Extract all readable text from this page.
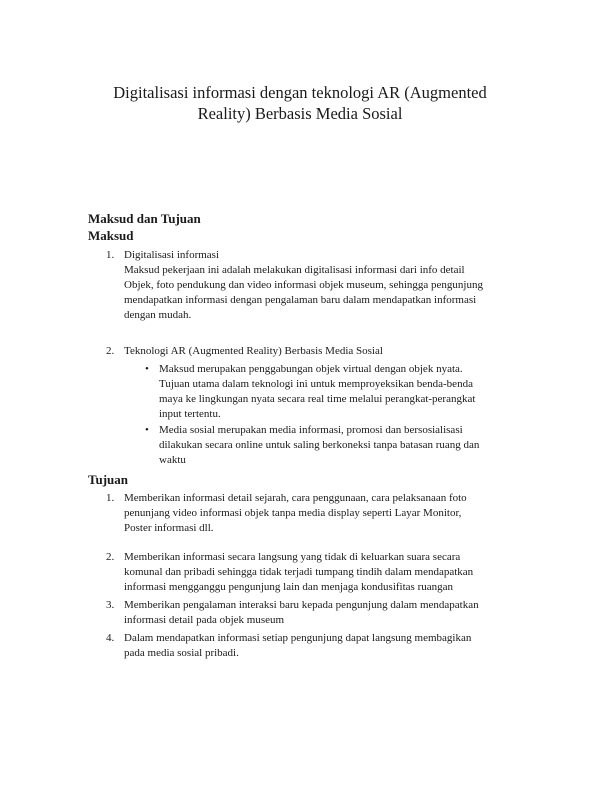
Digitalisasi informasi dengan teknologi AR (Augmented
Reality) Berbasis Media Sosial
Maksud dan Tujuan
Maksud
1. Digitalisasi informasi

Maksud pekerjaan ini adalah melakukan digitalisasi informasi dari info detail

Objek, foto pendukung dan video informasi objek museum, sehingga pengunjung

mendapatkan informasi dengan pengalaman baru dalam mendapatkan informasi

dengan mudah.

2. Teknologi AR (Augmented Reality) Berbasis Media Sosial

• Maksud merupakan penggabungan objek virtual dengan objek nyata.

Tujuan utama dalam teknologi ini untuk memproyeksikan benda-benda

maya ke lingkungan nyata secara real time melalui perangkat-perangkat

input tertentu.

• Media sosial merupakan media informasi, promosi dan bersosialisasi

dilakukan secara online untuk saling berkoneksi tanpa batasan ruang dan

waktu

Tujuan
1. Memberikan informasi detail sejarah, cara penggunaan, cara pelaksanaan foto

penunjang video informasi objek tanpa media display seperti Layar Monitor,

Poster informasi dll.

2. Memberikan informasi secara langsung yang tidak di keluarkan suara secara

komunal dan pribadi sehingga tidak terjadi tumpang tindih dalam mendapatkan

informasi mengganggu pengunjung lain dan menjaga kondusifitas ruangan

3. Memberikan pengalaman interaksi baru kepada pengunjung dalam mendapatkan

informasi detail pada objek museum

4. Dalam mendapatkan informasi setiap pengunjung dapat langsung membagikan

pada media sosial pribadi.
